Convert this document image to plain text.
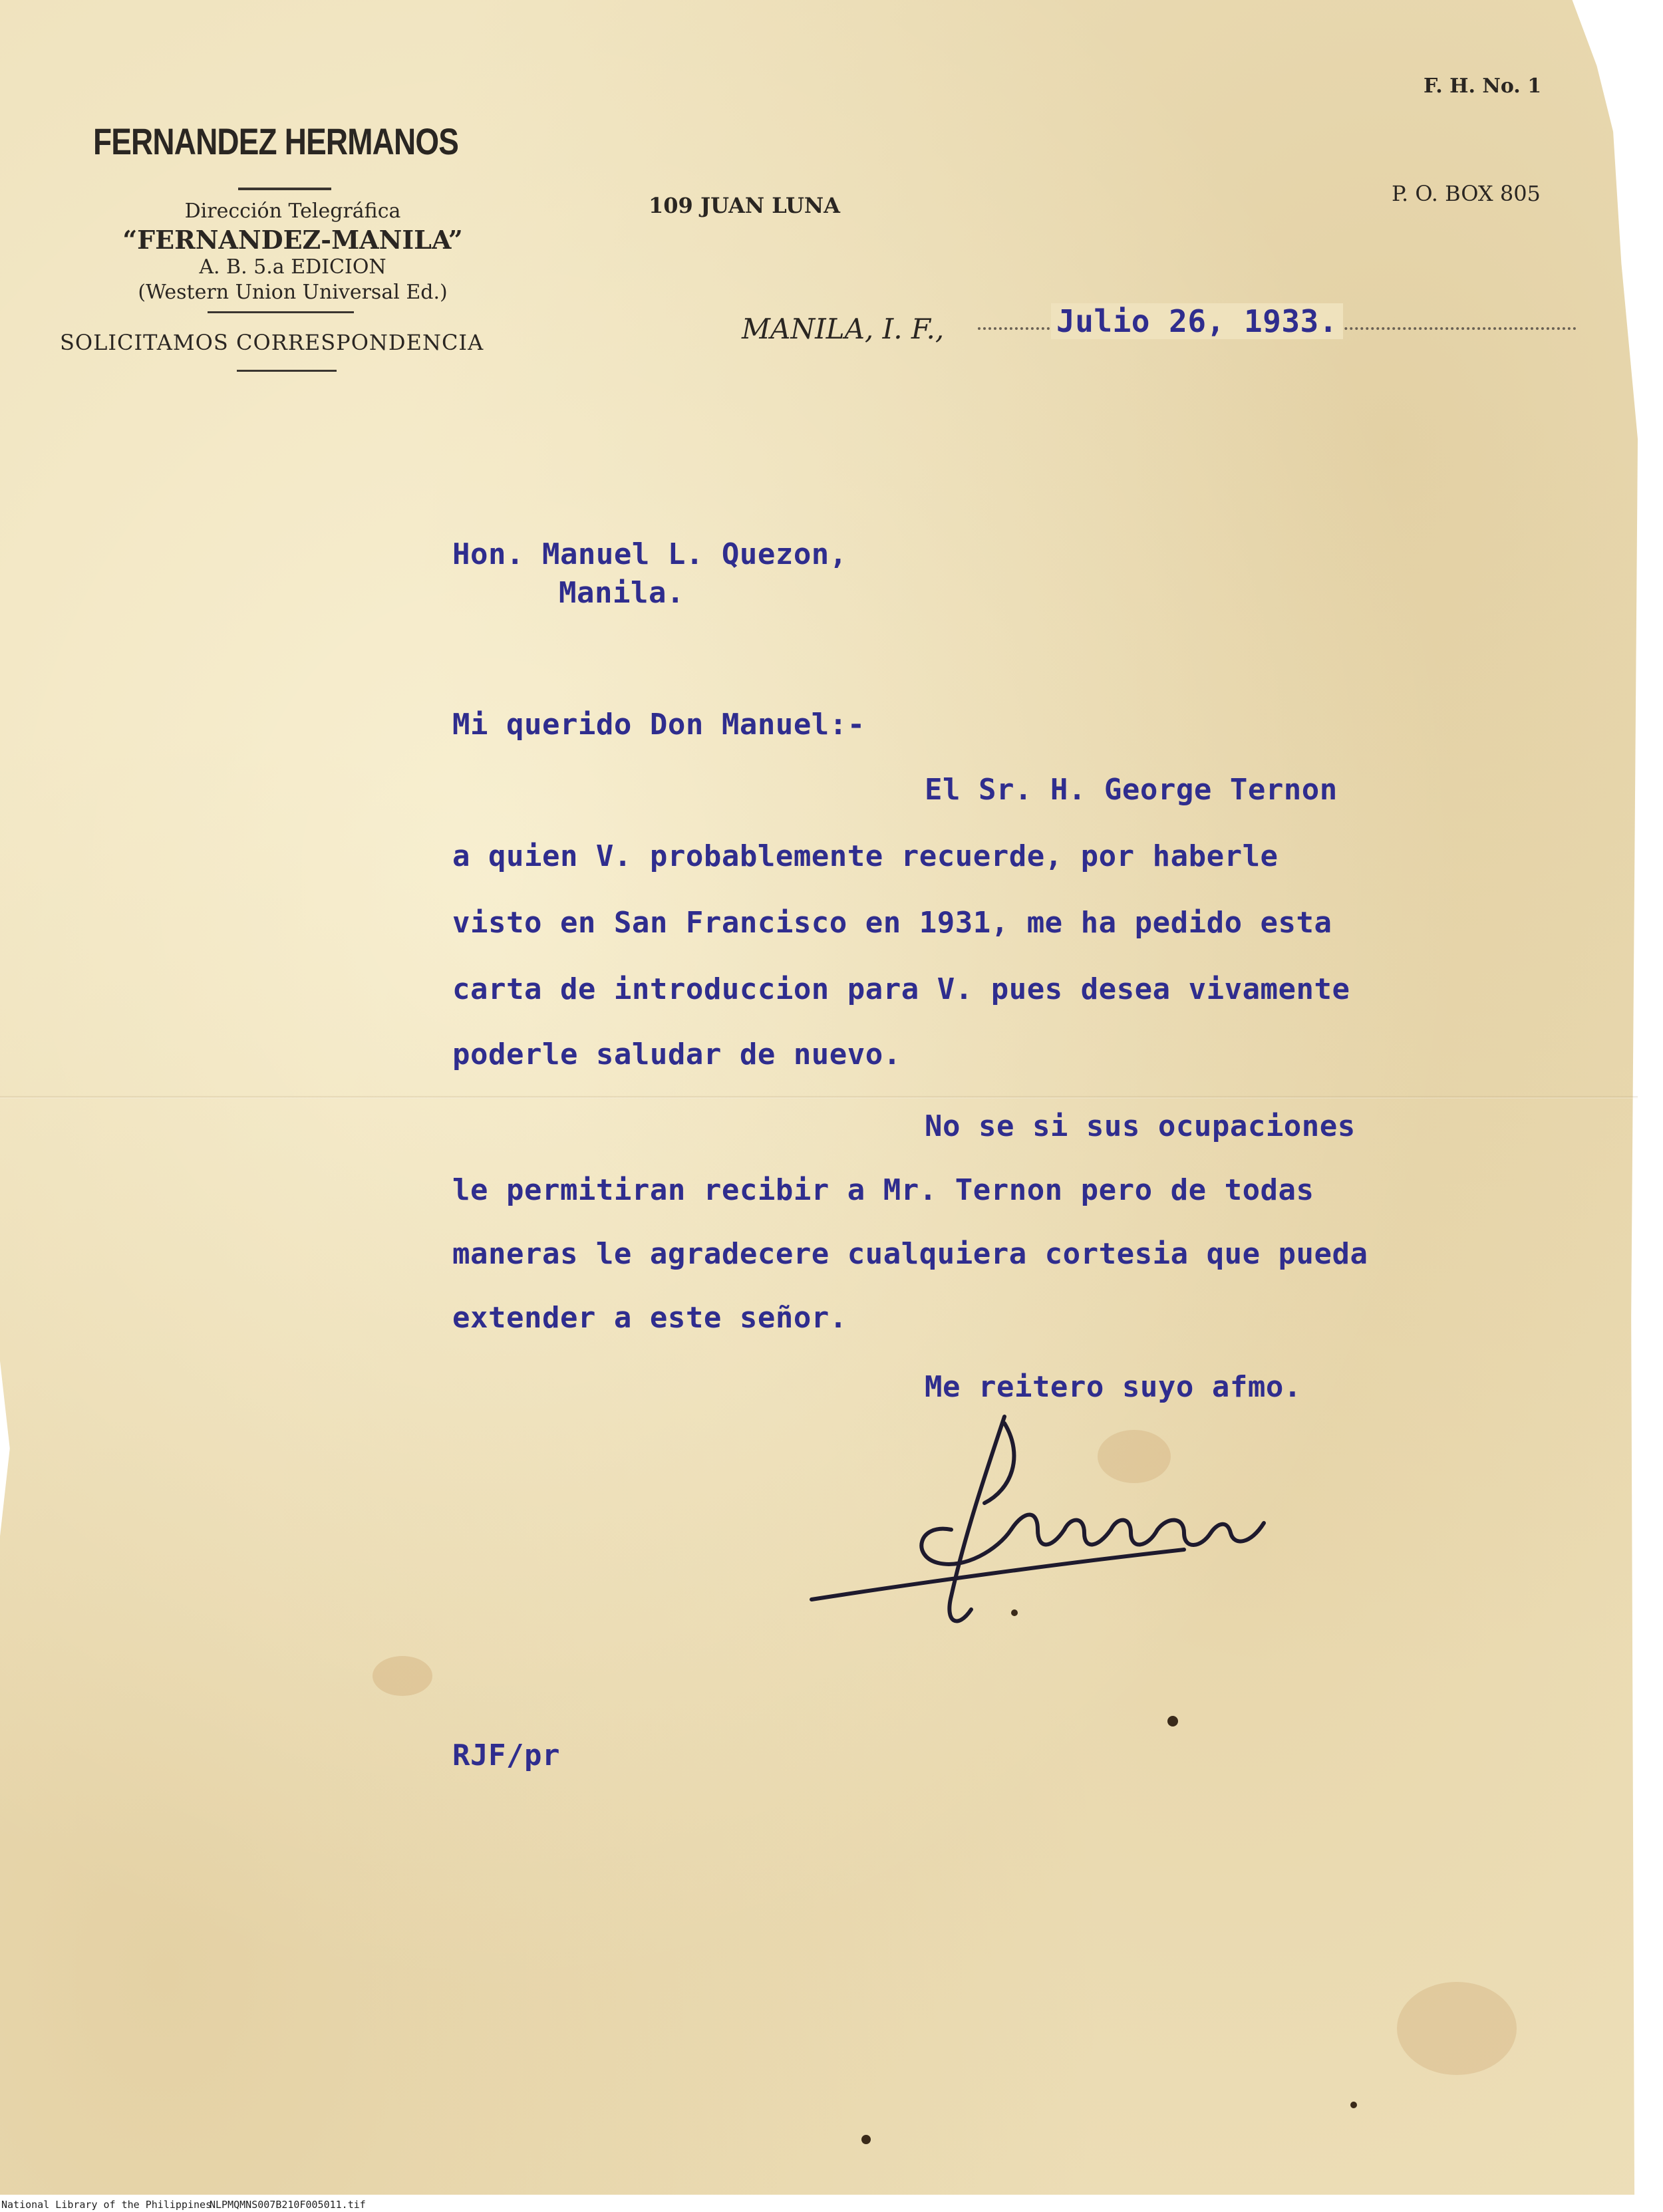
FERNANDEZ HERMANOS
Dirección Telegráfica
“FERNANDEZ-MANILA”
A. B. 5.a EDICION
(Western Union Universal Ed.)
SOLICITAMOS CORRESPONDENCIA
109 JUAN LUNA
F. H. No. 1
P. O. BOX 805
MANILA, I. F.,	Julio 26, 1933.
Hon. Manuel L. Quezon,
Manila.
Mi querido Don Manuel:-
El Sr. H. George Ternon
a quien V. probablemente recuerde, por haberle
visto en San Francisco en 1931, me ha pedido esta
carta de introduccion para V. pues desea vivamente
poderle saludar de nuevo.
No se si sus ocupaciones
le permitiran recibir a Mr. Ternon pero de todas
maneras le agradecere cualquiera cortesia que pueda
extender a este señor.
Me reitero suyo afmo.
RJF/pr
National Library of the Philippines
NLPMQMNS007B210F005011.tif
